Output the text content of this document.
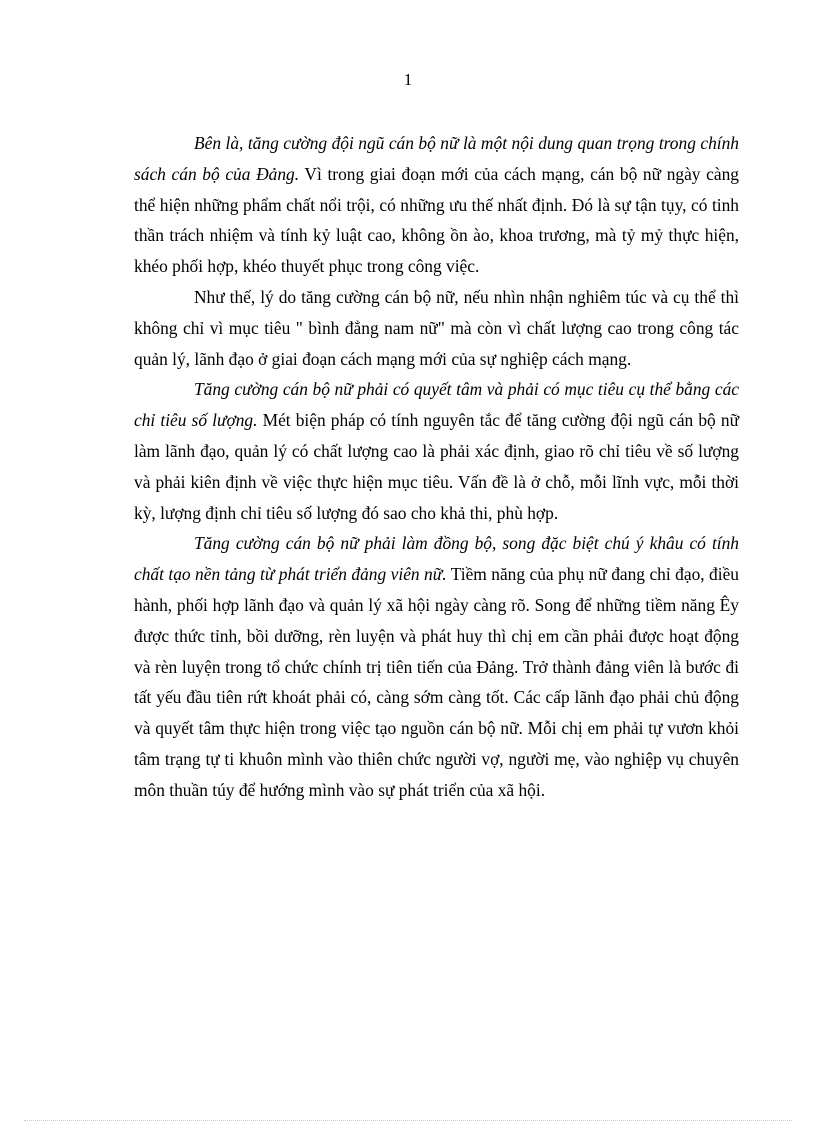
1

Bên là, tăng cường đội ngũ cán bộ nữ là một nội dung quan trọng trong chính sách cán bộ của Đảng. Vì trong giai đoạn mới của cách mạng, cán bộ nữ ngày càng thể hiện những phẩm chất nổi trội, có những ưu thế nhất định. Đó là sự tận tụy, có tinh thần trách nhiệm và tính kỷ luật cao, không ồn ào, khoa trương, mà tỷ mỷ thực hiện, khéo phối hợp, khéo thuyết phục trong công việc.

Như thế, lý do tăng cường cán bộ nữ, nếu nhìn nhận nghiêm túc và cụ thể thì không chỉ vì mục tiêu " bình đẳng nam nữ" mà còn vì chất lượng cao trong công tác quản lý, lãnh đạo ở giai đoạn cách mạng mới của sự nghiệp cách mạng.

Tăng cường cán bộ nữ phải có quyết tâm và phải có mục tiêu cụ thể bằng các chỉ tiêu số lượng. Mét biện pháp có tính nguyên tắc để tăng cường đội ngũ cán bộ nữ làm lãnh đạo, quản lý có chất lượng cao là phải xác định, giao rõ chỉ tiêu về số lượng và phải kiên định về việc thực hiện mục tiêu. Vấn đề là ở chỗ, mỗi lĩnh vực, mỗi thời kỳ, lượng định chỉ tiêu số lượng đó sao cho khả thi, phù hợp.

Tăng cường cán bộ nữ phải làm đồng bộ, song đặc biệt chú ý khâu có tính chất tạo nền tảng từ phát triển đảng viên nữ. Tiềm năng của phụ nữ đang chỉ đạo, điều hành, phối hợp lãnh đạo và quản lý xã hội ngày càng rõ. Song để những tiềm năng Êy được thức tỉnh, bồi dưỡng, rèn luyện và phát huy thì chị em cần phải được hoạt động và rèn luyện trong tổ chức chính trị tiên tiến của Đảng. Trở thành đảng viên là bước đi tất yếu đầu tiên rứt khoát phải có, càng sớm càng tốt. Các cấp lãnh đạo phải chủ động và quyết tâm thực hiện trong việc tạo nguồn cán bộ nữ. Mỗi chị em phải tự vươn khỏi tâm trạng tự ti khuôn mình vào thiên chức người vợ, người mẹ, vào nghiệp vụ chuyên môn thuần túy để hướng mình vào sự phát triển của xã hội.
